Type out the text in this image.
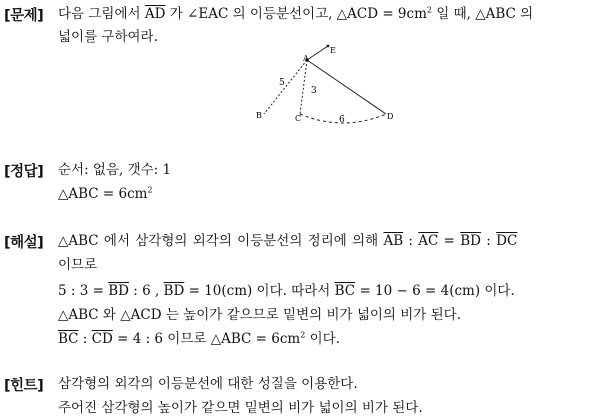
[문제] 다음 그림에서 $\overline{AD}$ 가 ∠EAC 의 이등분선이고, △ACD = $9cm^2$ 일 때, △ABC 의
넓이를 구하여라.
A
E
B	C	D
5
3
6
[정답] 순서: 없음, 갯수: 1
△ABC = $6cm^2$
[해설] △ABC 에서 삼각형의 외각의 이등분선의 정리에 의해 $\overline{AB}$ : $\overline{AC} = \overline{BD}$ : $\overline{DC}$
이므로
5 : $3 = \overline{BD}$ : 6 , $\overline{BD} = 10(cm)$ 이다. 따라서 $\overline{BC} = 10 - 6 = 4(cm)$ 이다.
△ABC 와 △ACD 는 높이가 같으므로 밑변의 비가 넓이의 비가 된다.
$\overline{BC}$ : $\overline{CD} = 4$ : 6 이므로 △ABC = $6cm^2$ 이다.
[힌트] 삼각형의 외각의 이등분선에 대한 성질을 이용한다.
주어진 삼각형의 높이가 같으면 밑변의 비가 넓이의 비가 된다.
